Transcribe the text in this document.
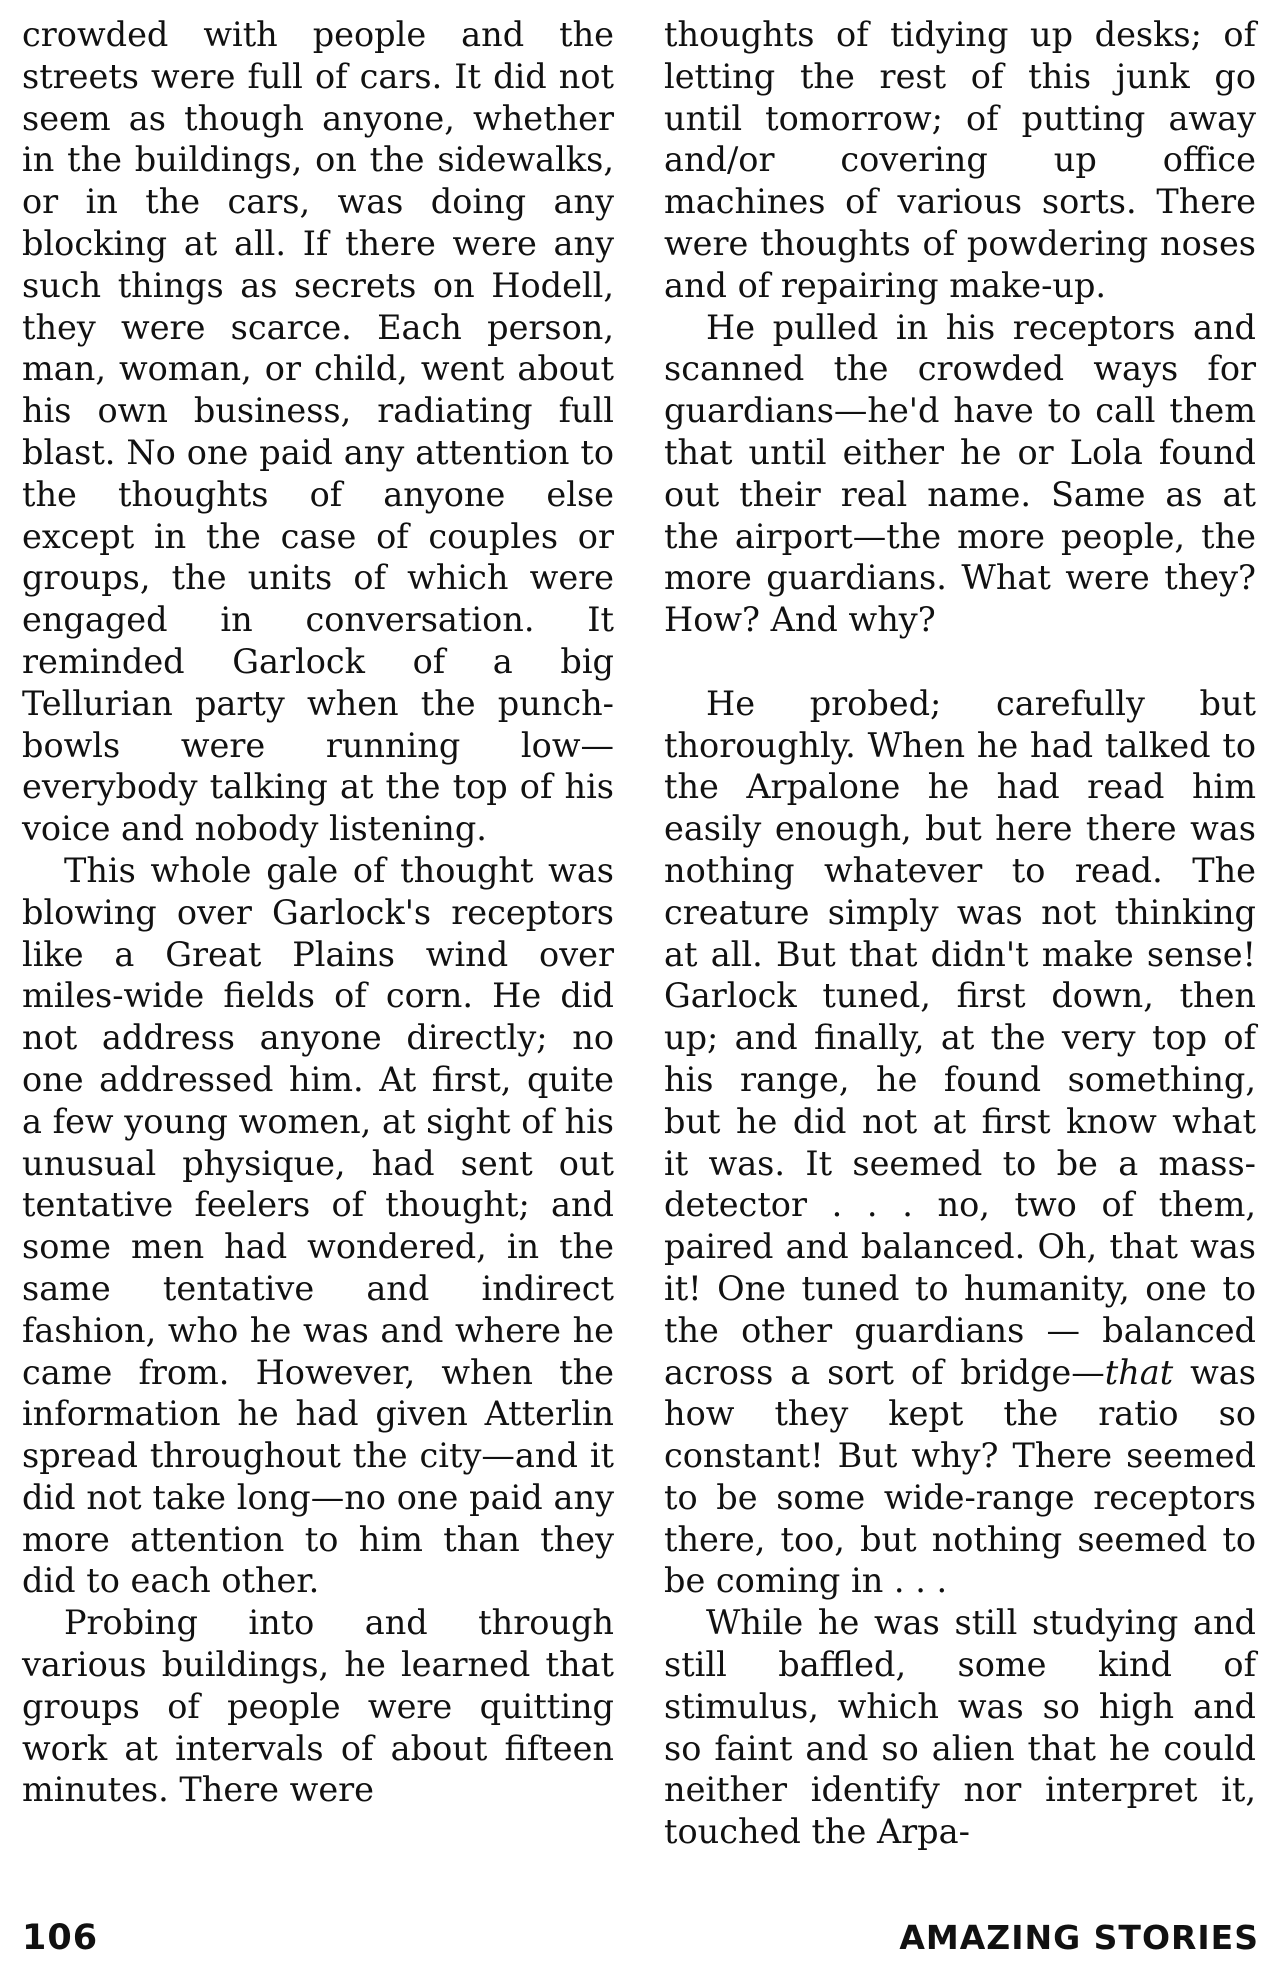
crowded with people and the streets were full of cars. It did not seem as though anyone, whether in the buildings, on the sidewalks, or in the cars, was doing any blocking at all. If there were any such things as secrets on Hodell, they were scarce. Each person, man, woman, or child, went about his own business, radiating full blast. No one paid any attention to the thoughts of anyone else except in the case of couples or groups, the units of which were engaged in conversation. It reminded Garlock of a big Tellurian party when the punch-bowls were running low—everybody talking at the top of his voice and nobody listening.

This whole gale of thought was blowing over Garlock's receptors like a Great Plains wind over miles-wide fields of corn. He did not address anyone directly; no one addressed him. At first, quite a few young women, at sight of his unusual physique, had sent out tentative feelers of thought; and some men had wondered, in the same tentative and indirect fashion, who he was and where he came from. However, when the information he had given Atterlin spread throughout the city—and it did not take long—no one paid any more attention to him than they did to each other.

Probing into and through various buildings, he learned that groups of people were quitting work at intervals of about fifteen minutes. There were

thoughts of tidying up desks; of letting the rest of this junk go until tomorrow; of putting away and/or covering up office machines of various sorts. There were thoughts of powdering noses and of repairing make-up.

He pulled in his receptors and scanned the crowded ways for guardians—he'd have to call them that until either he or Lola found out their real name. Same as at the airport—the more people, the more guardians. What were they? How? And why?

He probed; carefully but thoroughly. When he had talked to the Arpalone he had read him easily enough, but here there was nothing whatever to read. The creature simply was not thinking at all. But that didn't make sense! Garlock tuned, first down, then up; and finally, at the very top of his range, he found something, but he did not at first know what it was. It seemed to be a mass-detector . . . no, two of them, paired and balanced. Oh, that was it! One tuned to humanity, one to the other guardians — balanced across a sort of bridge—that was how they kept the ratio so constant! But why? There seemed to be some wide-range receptors there, too, but nothing seemed to be coming in . . .

While he was still studying and still baffled, some kind of stimulus, which was so high and so faint and so alien that he could neither identify nor interpret it, touched the Arpa-

106	AMAZING STORIES
